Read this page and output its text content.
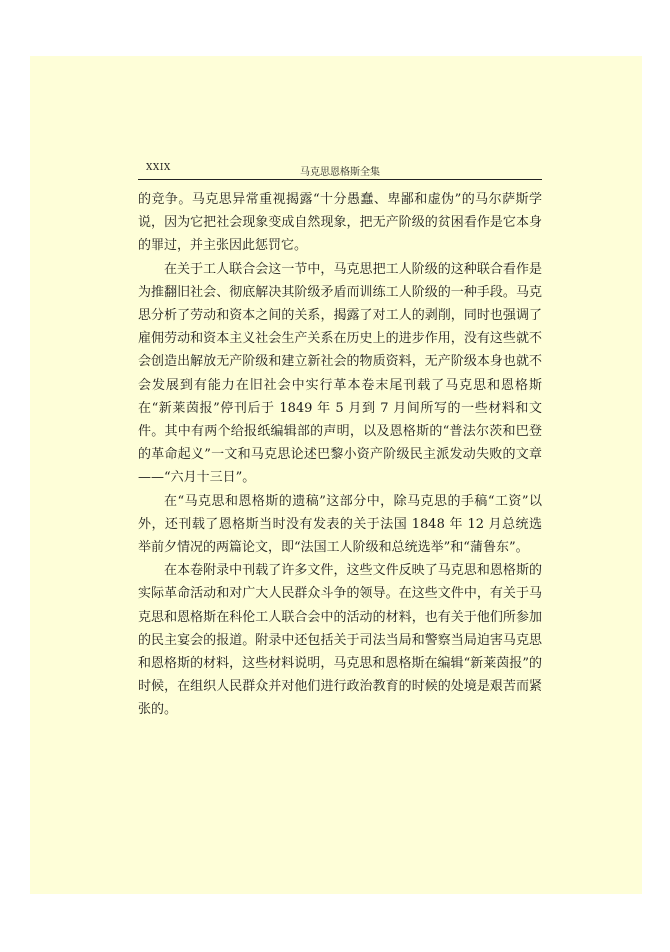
XXIX	马克思恩格斯全集

的竞争。马克思异常重视揭露“十分愚蠢、卑鄙和虚伪”的马尔萨斯学说，因为它把社会现象变成自然现象，把无产阶级的贫困看作是它本身的罪过，并主张因此惩罚它。

在关于工人联合会这一节中，马克思把工人阶级的这种联合看作是为推翻旧社会、彻底解决其阶级矛盾而训练工人阶级的一种手段。马克思分析了劳动和资本之间的关系，揭露了对工人的剥削，同时也强调了雇佣劳动和资本主义社会生产关系在历史上的进步作用，没有这些就不会创造出解放无产阶级和建立新社会的物质资料，无产阶级本身也就不会发展到有能力在旧社会中实行革本卷末尾刊载了马克思和恩格斯在“新莱茵报”停刊后于 1849 年 5 月到 7 月间所写的一些材料和文件。其中有两个给报纸编辑部的声明，以及恩格斯的“普法尔茨和巴登的革命起义”一文和马克思论述巴黎小资产阶级民主派发动失败的文章——“六月十三日”。

在“马克思和恩格斯的遗稿”这部分中，除马克思的手稿“工资”以外，还刊载了恩格斯当时没有发表的关于法国 1848 年 12 月总统选举前夕情况的两篇论文，即“法国工人阶级和总统选举”和“蒲鲁东”。

在本卷附录中刊载了许多文件，这些文件反映了马克思和恩格斯的实际革命活动和对广大人民群众斗争的领导。在这些文件中，有关于马克思和恩格斯在科伦工人联合会中的活动的材料，也有关于他们所参加的民主宴会的报道。附录中还包括关于司法当局和警察当局迫害马克思和恩格斯的材料，这些材料说明，马克思和恩格斯在编辑“新莱茵报”的时候，在组织人民群众并对他们进行政治教育的时候的处境是艰苦而紧张的。
